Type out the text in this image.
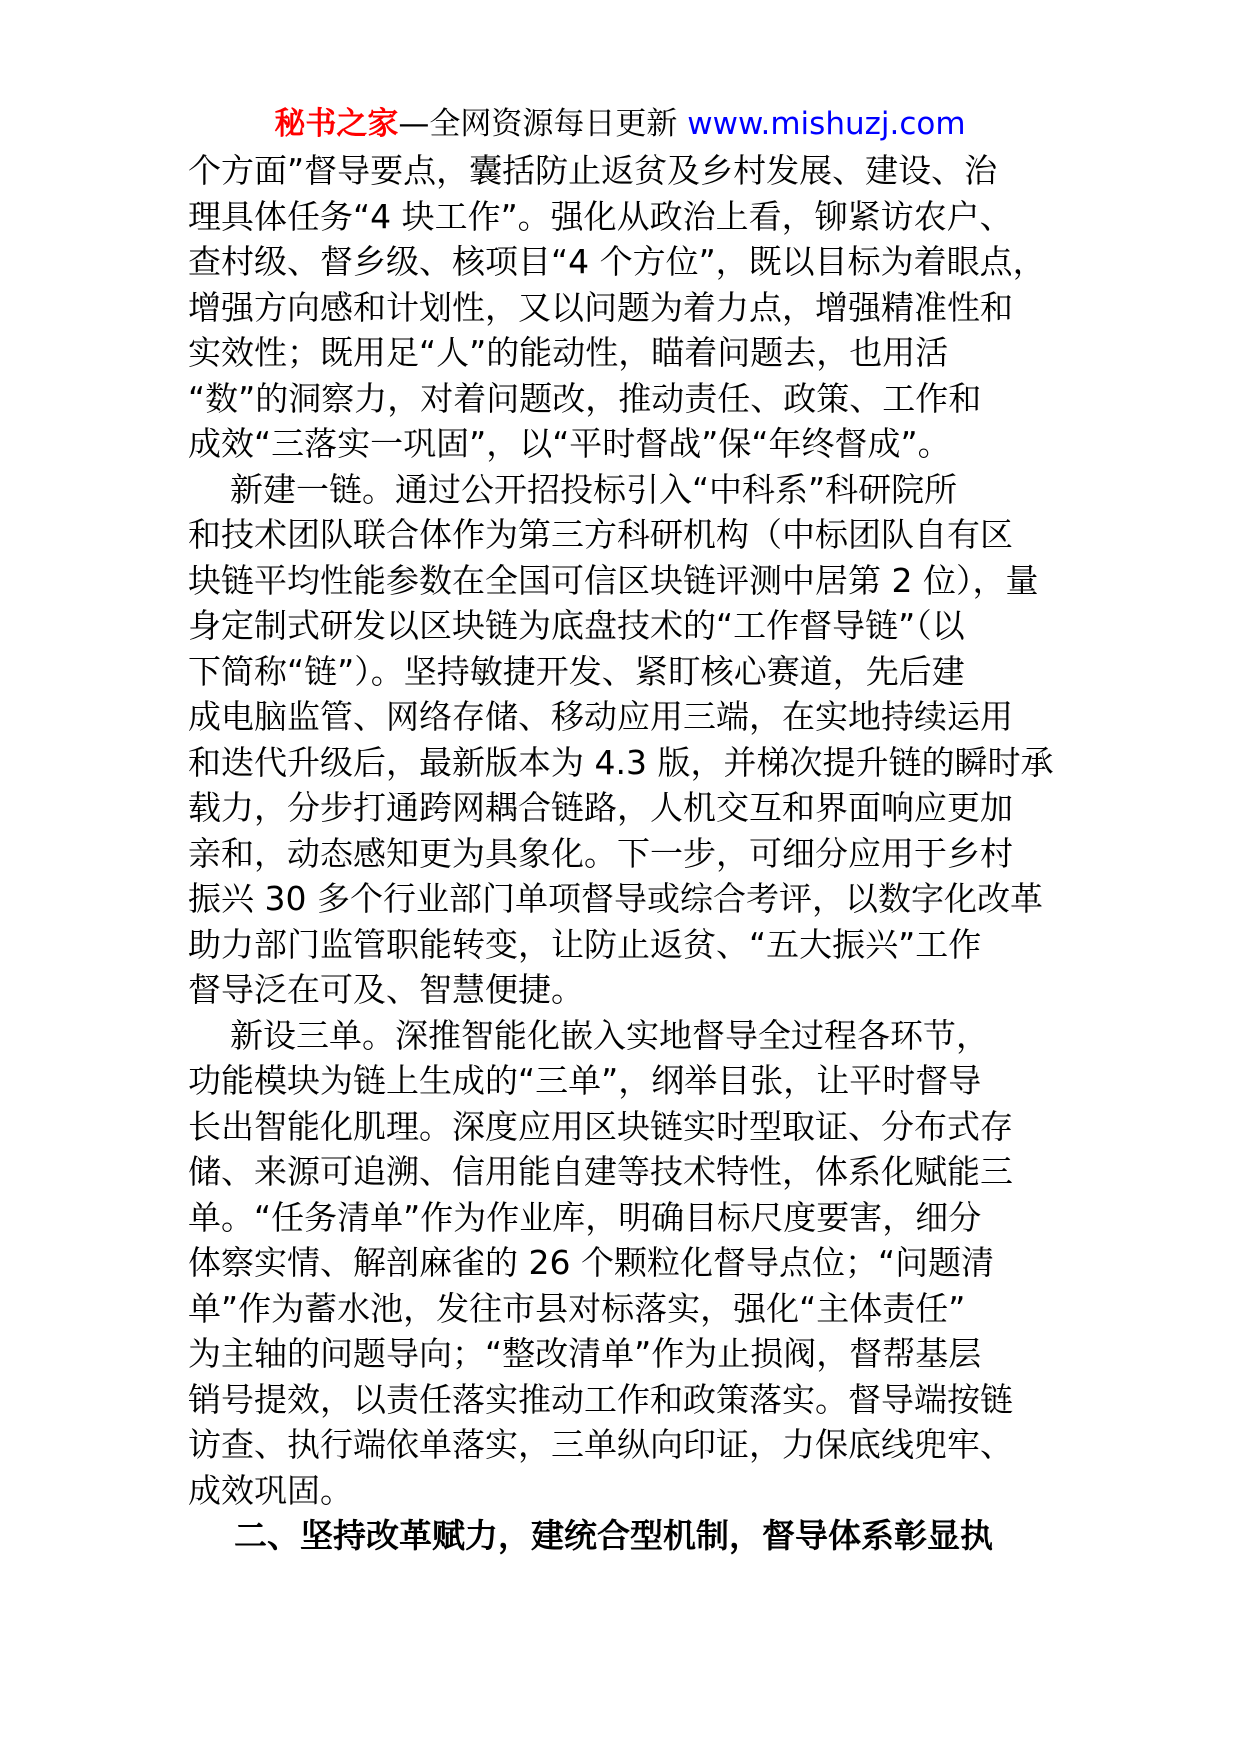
秘书之家—全网资源每日更新 www.mishuzj.com

个方面”督导要点，囊括防止返贫及乡村发展、建设、治

理具体任务“4 块工作”。强化从政治上看，铆紧访农户、

查村级、督乡级、核项目“4 个方位”，既以目标为着眼点，

增强方向感和计划性，又以问题为着力点，增强精准性和

实效性；既用足“人”的能动性，瞄着问题去，也用活

“数”的洞察力，对着问题改，推动责任、政策、工作和

成效“三落实一巩固”，以“平时督战”保“年终督成”。

新建一链。通过公开招投标引入“中科系”科研院所

和技术团队联合体作为第三方科研机构（中标团队自有区

块链平均性能参数在全国可信区块链评测中居第 2 位），量

身定制式研发以区块链为底盘技术的“工作督导链”（以

下简称“链”）。坚持敏捷开发、紧盯核心赛道，先后建

成电脑监管、网络存储、移动应用三端，在实地持续运用

和迭代升级后，最新版本为 4.3 版，并梯次提升链的瞬时承

载力，分步打通跨网耦合链路，人机交互和界面响应更加

亲和，动态感知更为具象化。下一步，可细分应用于乡村

振兴 30 多个行业部门单项督导或综合考评，以数字化改革

助力部门监管职能转变，让防止返贫、“五大振兴”工作

督导泛在可及、智慧便捷。

新设三单。深推智能化嵌入实地督导全过程各环节，

功能模块为链上生成的“三单”，纲举目张，让平时督导

长出智能化肌理。深度应用区块链实时型取证、分布式存

储、来源可追溯、信用能自建等技术特性，体系化赋能三

单。“任务清单”作为作业库，明确目标尺度要害，细分

体察实情、解剖麻雀的 26 个颗粒化督导点位；“问题清

单”作为蓄水池，发往市县对标落实，强化“主体责任”

为主轴的问题导向；“整改清单”作为止损阀，督帮基层

销号提效，以责任落实推动工作和政策落实。督导端按链

访查、执行端依单落实，三单纵向印证，力保底线兜牢、

成效巩固。

二、坚持改革赋力，建统合型机制，督导体系彰显执
